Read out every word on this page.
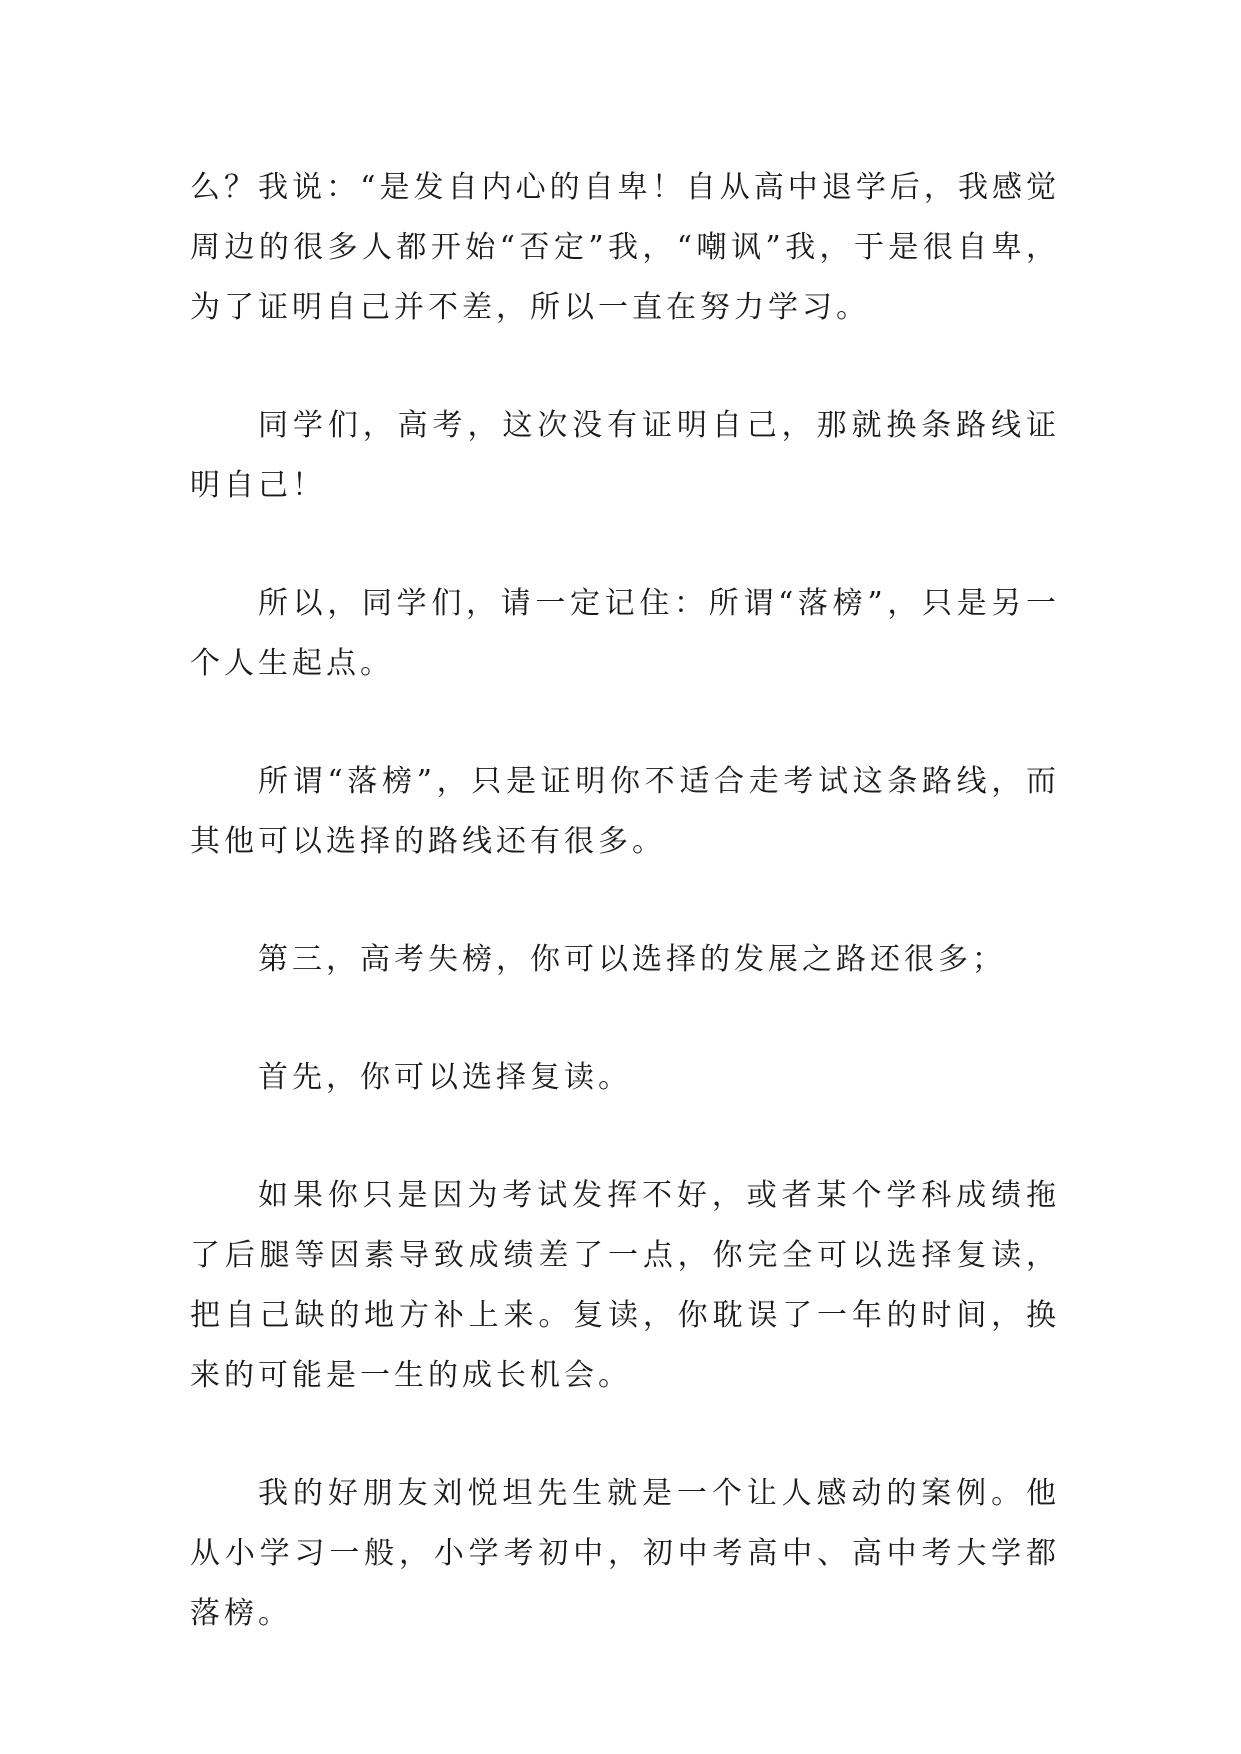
么？我说：“是发自内心的自卑！自从高中退学后，我感觉周边的很多人都开始“否定”我，“嘲讽”我，于是很自卑，为了证明自己并不差，所以一直在努力学习。

同学们，高考，这次没有证明自己，那就换条路线证明自己！

所以，同学们，请一定记住：所谓“落榜”，只是另一个人生起点。

所谓“落榜”，只是证明你不适合走考试这条路线，而其他可以选择的路线还有很多。

第三，高考失榜，你可以选择的发展之路还很多；

首先，你可以选择复读。

如果你只是因为考试发挥不好，或者某个学科成绩拖了后腿等因素导致成绩差了一点，你完全可以选择复读，把自己缺的地方补上来。复读，你耽误了一年的时间，换来的可能是一生的成长机会。

我的好朋友刘悦坦先生就是一个让人感动的案例。他从小学习一般，小学考初中，初中考高中、高中考大学都落榜。
